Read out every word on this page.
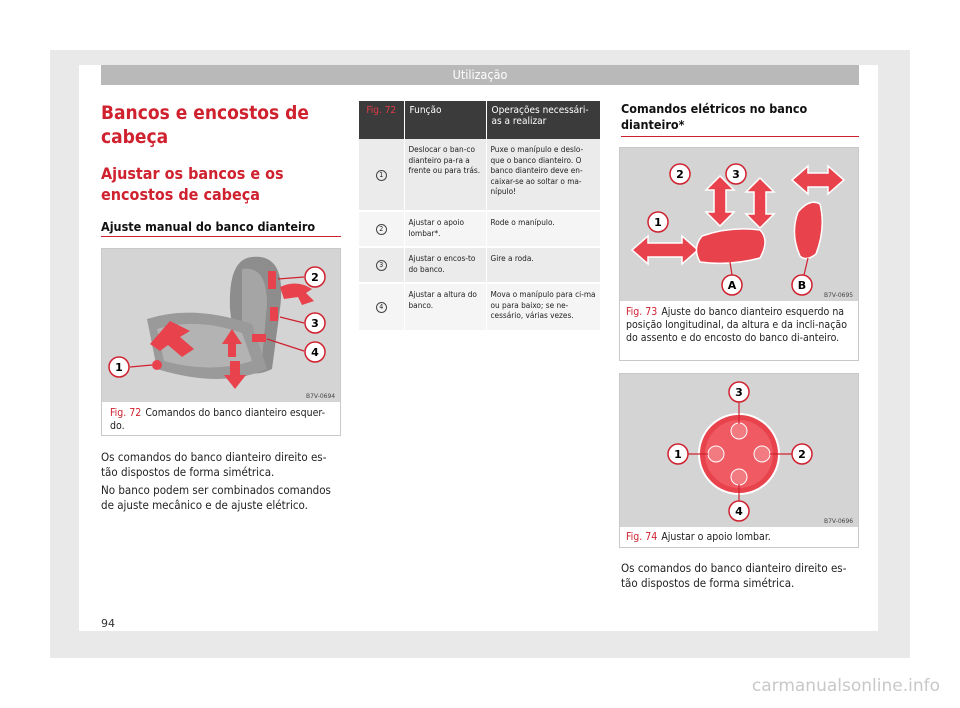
Utilização
Bancos e encostos de cabeça
Ajustar os bancos e os encostos de cabeça
Ajuste manual do banco dianteiro
1
2
3
4
B7V-0694
Fig. 72 Comandos do banco dianteiro esquer-do.
Os comandos do banco dianteiro direito es-tão dispostos de forma simétrica.
No banco podem ser combinados comandos de ajuste mecânico e de ajuste elétrico.
Fig. 72	Função	Operações necessári-as a realizar
1	Deslocar o ban-co dianteiro pa-ra a frente ou para trás.	Puxe o manípulo e deslo-que o banco dianteiro. O banco dianteiro deve en-caixar-se ao soltar o ma-nípulo!
2	Ajustar o apoio lombar*.	Rode o manípulo.
3	Ajustar o encos-to do banco.	Gire a roda.
4	Ajustar a altura do banco.	Mova o manípulo para ci-ma ou para baixo; se ne-cessário, várias vezes.
Comandos elétricos no banco dianteiro*
1
2	3
A	B
B7V-0695
Fig. 73 Ajuste do banco dianteiro esquerdo na posição longitudinal, da altura e da incli-nação do assento e do encosto do banco di-anteiro.
1	2
3
4
B7V-0696
Fig. 74 Ajustar o apoio lombar.
Os comandos do banco dianteiro direito es-tão dispostos de forma simétrica.
94
carmanualsonline.info
